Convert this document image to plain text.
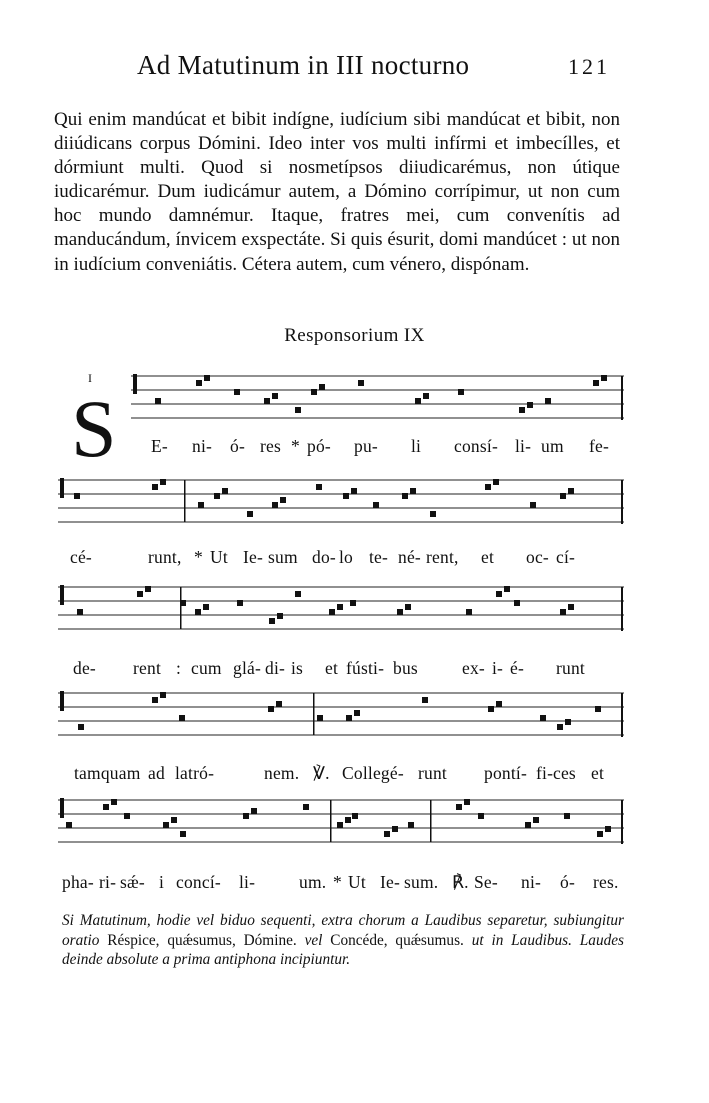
Ad Matutinum in III nocturno	121

Qui enim mandúcat et bibit indígne, iudícium sibi mandúcat et bibit, non diiúdicans corpus Dómini. Ideo inter vos multi infírmi et imbecílles, et dórmiunt multi. Quod si nosmetípsos diiudicarémus, non útique iudicarémur. Dum iudicámur autem, a Dómino corrípimur, ut non cum hoc mundo damnémur. Itaque, fratres mei, cum convenítis ad manducándum, ínvicem exspectáte. Si quis ésurit, domi mandúcet : ut non in iudícium conveniátis. Cétera autem, cum vénero, dispónam.

Responsorium IX
I
S E- ni- ó- res * pó- pu- li consí- li- um fe-
cé-	runt, * Ut Ie- sum do- lo te- né- rent, et oc- cí-
de- rent : cum glá- di- is et fústi- bus	ex- i- é- runt
tamquam ad latró-	nem. ℣. Collegé- runt pontí- fi- ces et
pha- ri- sǽ- i concí- li-	um. * Ut Ie- sum. ℟. Se- ni- ó- res.

Si Matutinum, hodie vel biduo sequenti, extra chorum a Laudibus separetur, subiungitur oratio Réspice, quǽsumus, Dómine. vel Concéde, quǽsumus. ut in Laudibus. Laudes deinde absolute a prima antiphona incipiuntur.
